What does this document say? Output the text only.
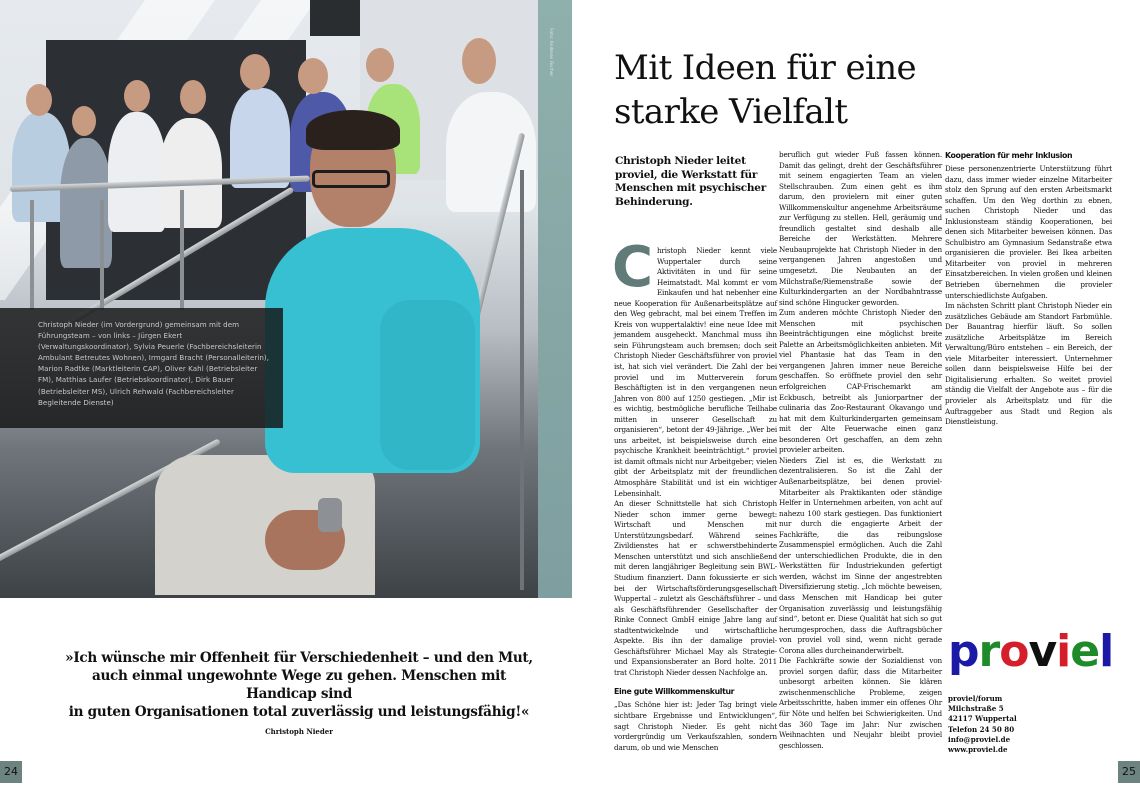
Foto: Andreas Fischer

Christoph Nieder (im Vordergrund) gemeinsam mit dem Führungsteam – von links – Jürgen Ekert (Verwaltungskoordinator), Sylvia Peuerle (Fachbereichsleiterin Ambulant Betreutes Wohnen), Irmgard Bracht (Personalleiterin), Marion Radtke (Marktleiterin CAP), Oliver Kahl (Betriebsleiter FM), Matthias Laufer (Betriebskoordinator), Dirk Bauer (Betriebsleiter MS), Ulrich Rehwald (Fachbereichsleiter Begleitende Dienste)

»Ich wünsche mir Offenheit für Verschiedenheit – und den Mut,
auch einmal ungewohnte Wege zu gehen. Menschen mit Handicap sind
in guten Organisationen total zuverlässig und leistungsfähig!«
Christoph Nieder
24
Mit Ideen für eine
starke Vielfalt
Christoph Nieder leitet proviel, die Werkstatt für Menschen mit psychischer Behinderung.

Christoph Nieder kennt viele Wuppertaler durch seine Aktivitäten in und für seine Heimatstadt. Mal kommt er vom Einkaufen und hat nebenher eine neue Kooperation für Außenarbeitsplätze auf den Weg gebracht, mal bei einem Treffen im Kreis von wuppertalaktiv! eine neue Idee mit jemandem ausgeheckt. Manchmal muss ihn sein Führungsteam auch bremsen; doch seit Christoph Nieder Geschäftsführer von proviel ist, hat sich viel verändert. Die Zahl der bei proviel und im Mutterverein forum Beschäftigten ist in den vergangenen neun Jahren von 800 auf 1250 gestiegen. „Mir ist es wichtig, bestmögliche berufliche Teilhabe mitten in unserer Gesellschaft zu organisieren“, betont der 49-Jährige. „Wer bei uns arbeitet, ist beispielsweise durch eine psychische Krankheit beeinträchtigt.“ proviel ist damit oftmals nicht nur Arbeitgeber; vielen gibt der Arbeitsplatz mit der freundlichen Atmosphäre Stabilität und ist ein wichtiger Lebensinhalt.

An dieser Schnittstelle hat sich Christoph Nieder schon immer gerne bewegt: Wirtschaft und Menschen mit Unterstützungsbedarf. Während seines Zivildienstes hat er schwerstbehinderte Menschen unterstützt und sich anschließend mit deren langjähriger Begleitung sein BWL-Studium finanziert. Dann fokussierte er sich bei der Wirtschaftsförderungsgesellschaft Wuppertal – zuletzt als Geschäftsführer – und als Geschäftsführender Gesellschafter der Rinke Connect GmbH einige Jahre lang auf stadtentwickelnde und wirtschaftliche Aspekte. Bis ihn der damalige proviel-Geschäftsführer Michael May als Strategie- und Expansionsberater an Bord holte. 2011 trat Christoph Nieder dessen Nachfolge an.

Eine gute Willkommenskultur

„Das Schöne hier ist: Jeder Tag bringt viele sichtbare Ergebnisse und Entwicklungen“, sagt Christoph Nieder. Es geht nicht vordergründig um Verkaufszahlen, sondern darum, ob und wie Menschen

beruflich gut wieder Fuß fassen können. Damit das gelingt, dreht der Geschäftsführer mit seinem engagierten Team an vielen Stellschrauben. Zum einen geht es ihm darum, den provielern mit einer guten Willkommenskultur angenehme Arbeitsräume zur Verfügung zu stellen. Hell, geräumig und freundlich gestaltet sind deshalb alle Bereiche der Werkstätten. Mehrere Neubauprojekte hat Christoph Nieder in den vergangenen Jahren angestoßen und umgesetzt. Die Neubauten an der Milchstraße/Riemenstraße sowie der Kulturkindergarten an der Nordbahntrasse sind schöne Hingucker geworden.

Zum anderen möchte Christoph Nieder den Menschen mit psychischen Beeinträchtigungen eine möglichst breite Palette an Arbeitsmöglichkeiten anbieten. Mit viel Phantasie hat das Team in den vergangenen Jahren immer neue Bereiche geschaffen. So eröffnete proviel den sehr erfolgreichen CAP-Frischemarkt am Eckbusch, betreibt als Juniorpartner der culinaria das Zoo-Restaurant Okavango und hat mit dem Kulturkindergarten gemeinsam mit der Alte Feuerwache einen ganz besonderen Ort geschaffen, an dem zehn provieler arbeiten.

Nieders Ziel ist es, die Werkstatt zu dezentralisieren. So ist die Zahl der Außenarbeitsplätze, bei denen proviel-Mitarbeiter als Praktikanten oder ständige Helfer in Unternehmen arbeiten, von acht auf nahezu 100 stark gestiegen. Das funktioniert nur durch die engagierte Arbeit der Fachkräfte, die das reibungslose Zusammenspiel ermöglichen. Auch die Zahl der unterschiedlichen Produkte, die in den Werkstätten für Industriekunden gefertigt werden, wächst im Sinne der angestrebten Diversifizierung stetig. „Ich möchte beweisen, dass Menschen mit Handicap bei guter Organisation zuverlässig und leistungsfähig sind“, betont er. Diese Qualität hat sich so gut herumgesprochen, dass die Auftragsbücher von proviel voll sind, wenn nicht gerade Corona alles durcheinanderwirbelt.

Die Fachkräfte sowie der Sozialdienst von proviel sorgen dafür, dass die Mitarbeiter unbesorgt arbeiten können. Sie klären zwischenmenschliche Probleme, zeigen Arbeitsschritte, haben immer ein offenes Ohr für Nöte und helfen bei Schwierigkeiten. Und das 360 Tage im Jahr: Nur zwischen Weihnachten und Neujahr bleibt proviel geschlossen.

Kooperation für mehr Inklusion

Diese personenzentrierte Unterstützung führt dazu, dass immer wieder einzelne Mitarbeiter stolz den Sprung auf den ersten Arbeitsmarkt schaffen. Um den Weg dorthin zu ebnen, suchen Christoph Nieder und das Inklusionsteam ständig Kooperationen, bei denen sich Mitarbeiter beweisen können. Das Schulbistro am Gymnasium Sedanstraße etwa organisieren die provieler. Bei Ikea arbeiten Mitarbeiter von proviel in mehreren Einsatzbereichen. In vielen großen und kleinen Betrieben übernehmen die provieler unterschiedlichste Aufgaben.

Im nächsten Schritt plant Christoph Nieder ein zusätzliches Gebäude am Standort Farbmühle. Der Bauantrag hierfür läuft. So sollen zusätzliche Arbeitsplätze im Bereich Verwaltung/Büro entstehen – ein Bereich, der viele Mitarbeiter interessiert. Unternehmer sollen dann beispielsweise Hilfe bei der Digitalisierung erhalten. So weitet proviel ständig die Vielfalt der Angebote aus – für die provieler als Arbeitsplatz und für die Auftraggeber aus Stadt und Region als Dienstleistung.

proviel
proviel/forum
Milchstraße 5
42117 Wuppertal
Telefon 24 50 80
info@proviel.de
www.proviel.de
25
